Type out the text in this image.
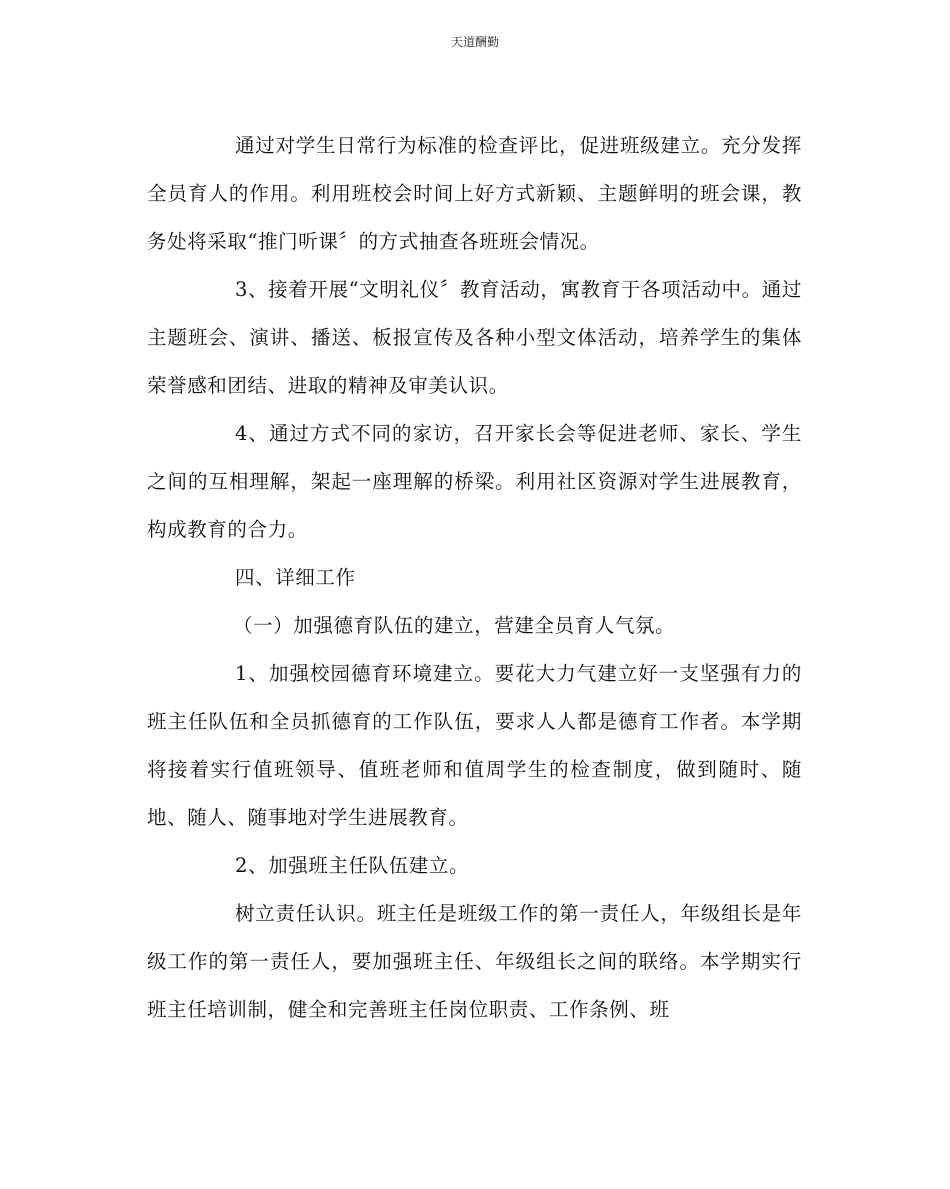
天道酬勤

通过对学生日常行为标准的检查评比，促进班级建立。充分发挥全员育人的作用。利用班校会时间上好方式新颖、主题鲜明的班会课，教务处将采取“推门听课〞的方式抽查各班班会情况。

3、接着开展“文明礼仪〞教育活动，寓教育于各项活动中。通过主题班会、演讲、播送、板报宣传及各种小型文体活动，培养学生的集体荣誉感和团结、进取的精神及审美认识。

4、通过方式不同的家访，召开家长会等促进老师、家长、学生之间的互相理解，架起一座理解的桥梁。利用社区资源对学生进展教育，构成教育的合力。

四、详细工作

（一）加强德育队伍的建立，营建全员育人气氛。

1、加强校园德育环境建立。要花大力气建立好一支坚强有力的班主任队伍和全员抓德育的工作队伍，要求人人都是德育工作者。本学期将接着实行值班领导、值班老师和值周学生的检查制度，做到随时、随地、随人、随事地对学生进展教育。

2、加强班主任队伍建立。

树立责任认识。班主任是班级工作的第一责任人，年级组长是年级工作的第一责任人，要加强班主任、年级组长之间的联络。本学期实行班主任培训制，健全和完善班主任岗位职责、工作条例、班
